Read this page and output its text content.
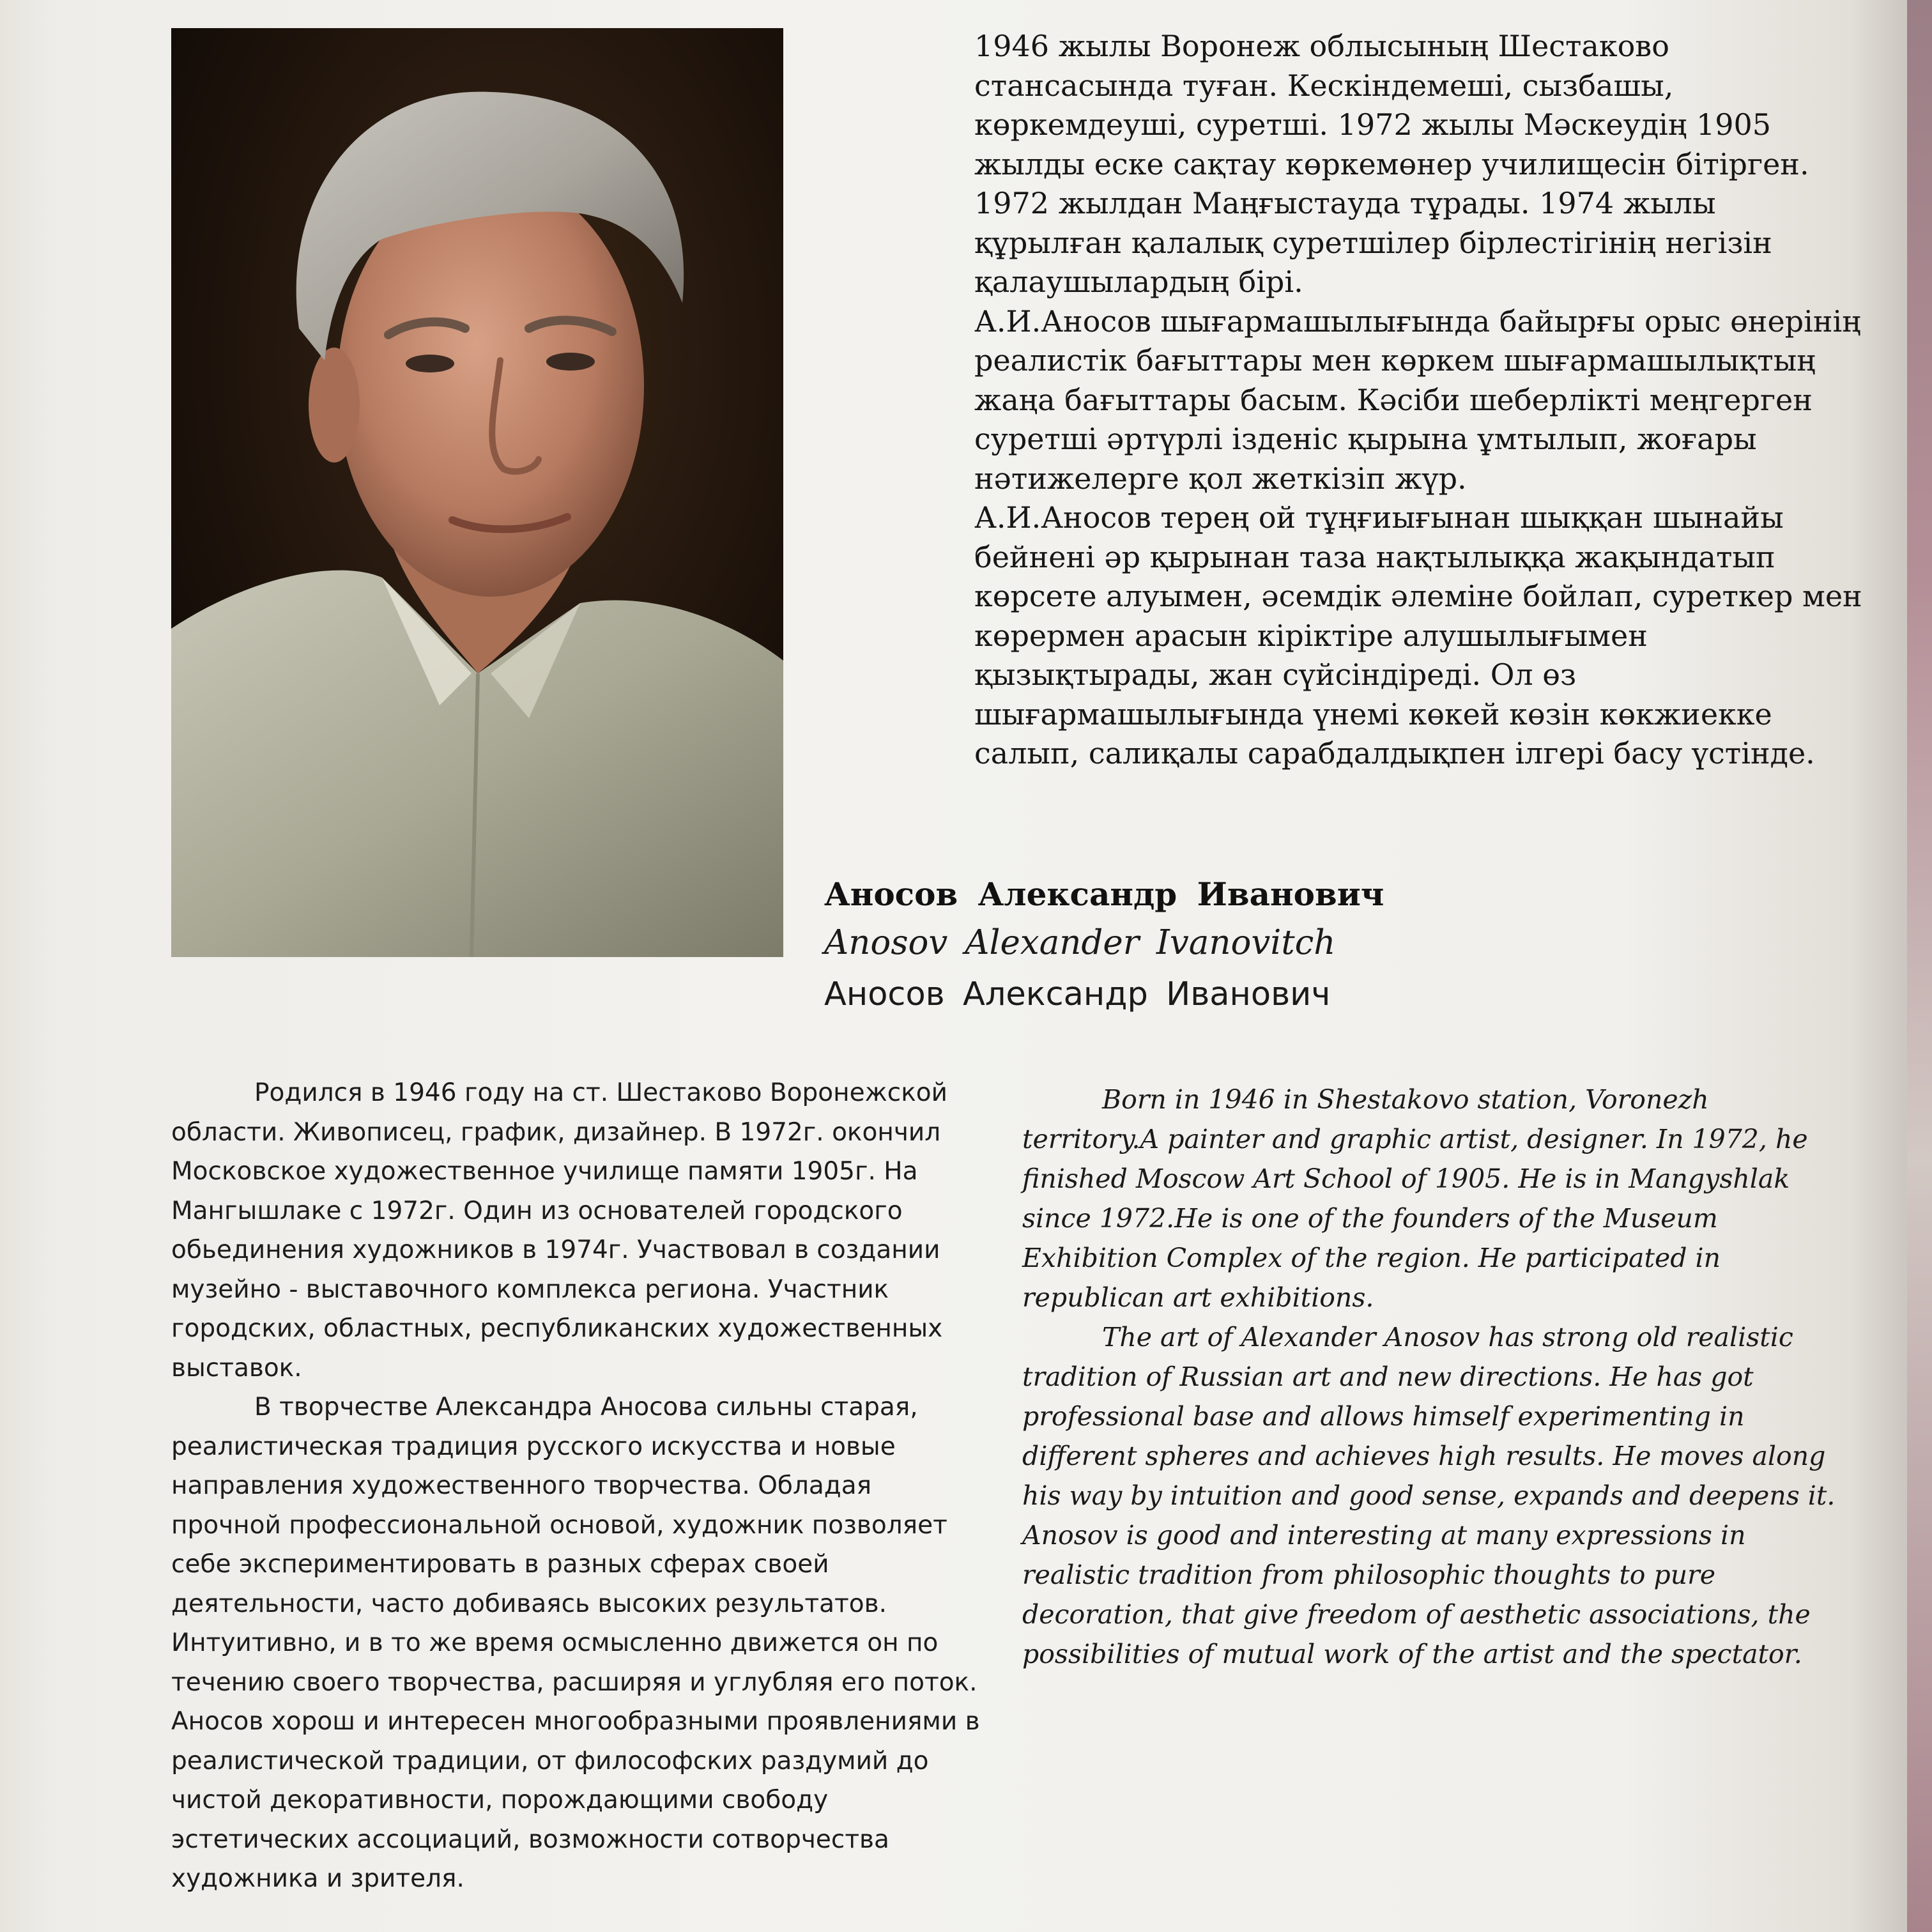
1946 жылы Воронеж облысының Шестаково стансасында туған. Кескіндемеші, сызбашы, көркемдеуші, суретші. 1972 жылы Мәскеудің 1905 жылды еске сақтау көркемөнер училищесін бітірген. 1972 жылдан Маңғыстауда тұрады. 1974 жылы құрылған қалалық суретшілер бірлестігінің негізін қалаушылардың бірі.

А.И.Аносов шығармашылығында байырғы орыс өнерінің реалистік бағыттары мен көркем шығармашылықтың жаңа бағыттары басым. Кәсіби шеберлікті меңгерген суретші әртүрлі ізденіс қырына ұмтылып, жоғары нәтижелерге қол жеткізіп жүр.

А.И.Аносов терең ой тұңғиығынан шыққан шынайы бейнені әр қырынан таза нақтылыққа жақындатып көрсете алуымен, әсемдік әлеміне бойлап, суреткер мен көрермен арасын кіріктіре алушылығымен қызықтырады, жан сүйсіндіреді. Ол өз шығармашылығында үнемі көкей көзін көкжиекке салып, салиқалы сарабдалдықпен ілгері басу үстінде.

Аносов Александр Иванович
Anosov Alexander Ivanovitch
Аносов Александр Иванович

Родился в 1946 году на ст. Шестаково Воронежской области. Живописец, график, дизайнер. В 1972г. окончил Московское художественное училище памяти 1905г. На Мангышлаке с 1972г. Один из основателей городского обьединения художников в 1974г. Участвовал в создании музейно - выставочного комплекса региона. Участник городских, областных, республиканских художественных выставок.

В творчестве Александра Аносова сильны старая, реалистическая традиция русского искусства и новые направления художественного творчества. Обладая прочной профессиональной основой, художник позволяет себе экспериментировать в разных сферах своей деятельности, часто добиваясь высоких результатов. Интуитивно, и в то же время осмысленно движется он по течению своего творчества, расширяя и углубляя его поток. Аносов хорош и интересен многообразными проявлениями в реалистической традиции, от философских раздумий до чистой декоративности, порождающими свободу эстетических ассоциаций, возможности сотворчества художника и зрителя.

Born in 1946 in Shestakovo station, Voronezh territory.A painter and graphic artist, designer. In 1972, he finished Moscow Art School of 1905. He is in Mangyshlak since 1972.He is one of the founders of the Museum Exhibition Complex of the region. He participated in republican art exhibitions.

The art of Alexander Anosov has strong old realistic tradition of Russian art and new directions. He has got professional base and allows himself experimenting in different spheres and achieves high results. He moves along his way by intuition and good sense, expands and deepens it. Anosov is good and interesting at many expressions in realistic tradition from philosophic thoughts to pure decoration, that give freedom of aesthetic associations, the possibilities of mutual work of the artist and the spectator.
